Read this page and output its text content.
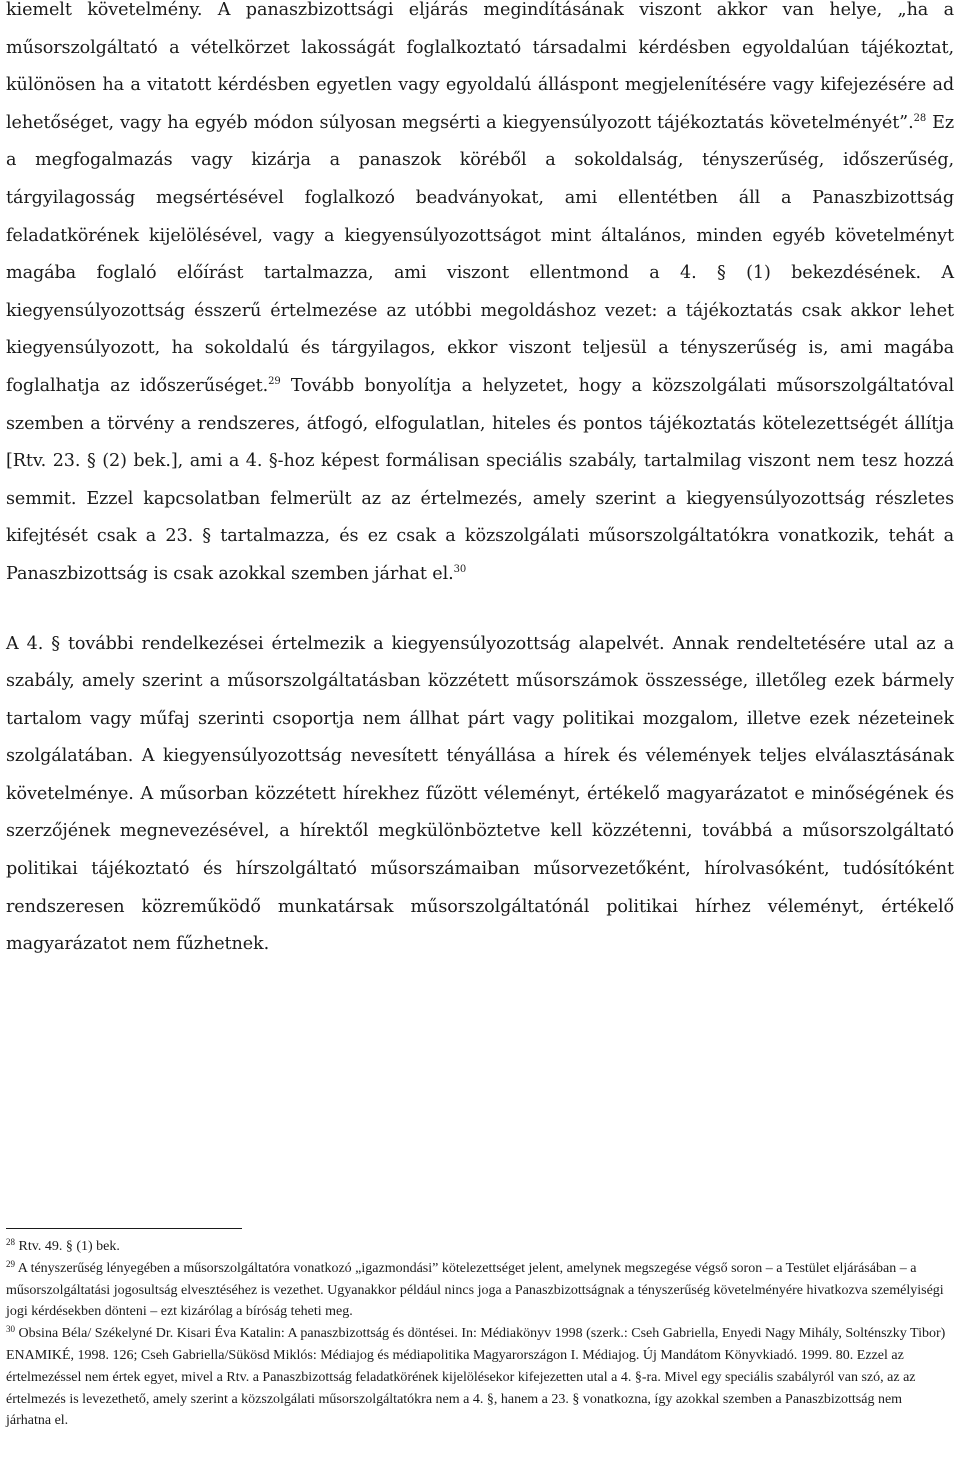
kiemelt követelmény. A panaszbizottsági eljárás megindításának viszont akkor van helye, „ha a műsorszolgáltató a vételkörzet lakosságát foglalkoztató társadalmi kérdésben egyoldalúan tájékoztat, különösen ha a vitatott kérdésben egyetlen vagy egyoldalú álláspont megjelenítésére vagy kifejezésére ad lehetőséget, vagy ha egyéb módon súlyosan megsérti a kiegyensúlyozott tájékoztatás követelményét”.$^{28}$ Ez a megfogalmazás vagy kizárja a panaszok köréből a sokoldalság, tényszerűség, időszerűség, tárgyilagosság megsértésével foglalkozó beadványokat, ami ellentétben áll a Panaszbizottság feladatkörének kijelölésével, vagy a kiegyensúlyozottságot mint általános, minden egyéb követelményt magába foglaló előírást tartalmazza, ami viszont ellentmond a 4. § (1) bekezdésének. A kiegyensúlyozottság ésszerű értelmezése az utóbbi megoldáshoz vezet: a tájékoztatás csak akkor lehet kiegyensúlyozott, ha sokoldalú és tárgyilagos, ekkor viszont teljesül a tényszerűség is, ami magába foglalhatja az időszerűséget.$^{29}$ Tovább bonyolítja a helyzetet, hogy a közszolgálati műsorszolgáltatóval szemben a törvény a rendszeres, átfogó, elfogulatlan, hiteles és pontos tájékoztatás kötelezettségét állítja [Rtv. 23. § (2) bek.], ami a 4. §-hoz képest formálisan speciális szabály, tartalmilag viszont nem tesz hozzá semmit. Ezzel kapcsolatban felmerült az az értelmezés, amely szerint a kiegyensúlyozottság részletes kifejtését csak a 23. § tartalmazza, és ez csak a közszolgálati műsorszolgáltatókra vonatkozik, tehát a Panaszbizottság is csak azokkal szemben járhat el.$^{30}$

A 4. § további rendelkezései értelmezik a kiegyensúlyozottság alapelvét. Annak rendeltetésére utal az a szabály, amely szerint a műsorszolgáltatásban közzétett műsorszámok összessége, illetőleg ezek bármely tartalom vagy műfaj szerinti csoportja nem állhat párt vagy politikai mozgalom, illetve ezek nézeteinek szolgálatában. A kiegyensúlyozottság nevesített tényállása a hírek és vélemények teljes elválasztásának követelménye. A műsorban közzétett hírekhez fűzött véleményt, értékelő magyarázatot e minőségének és szerzőjének megnevezésével, a hírektől megkülönböztetve kell közzétenni, továbbá a műsorszolgáltató politikai tájékoztató és hírszolgáltató műsorszámaiban műsorvezetőként, hírolvasóként, tudósítóként rendszeresen közreműködő munkatársak műsorszolgáltatónál politikai hírhez véleményt, értékelő magyarázatot nem fűzhetnek.

$^{28}$ Rtv. 49. § (1) bek.

$^{29}$ A tényszerűség lényegében a műsorszolgáltatóra vonatkozó „igazmondási” kötelezettséget jelent, amelynek megszegése végső soron – a Testület eljárásában – a műsorszolgáltatási jogosultság elvesztéséhez is vezethet. Ugyanakkor például nincs joga a Panaszbizottságnak a tényszerűség követelményére hivatkozva személyiségi jogi kérdésekben dönteni – ezt kizárólag a bíróság teheti meg.

$^{30}$ Obsina Béla/ Székelyné Dr. Kisari Éva Katalin: A panaszbizottság és döntései. In: Médiakönyv 1998 (szerk.: Cseh Gabriella, Enyedi Nagy Mihály, Solténszky Tibor) ENAMIKÉ, 1998. 126; Cseh Gabriella/Sükösd Miklós: Médiajog és médiapolitika Magyarországon I. Médiajog. Új Mandátom Könyvkiadó. 1999. 80. Ezzel az értelmezéssel nem értek egyet, mivel a Rtv. a Panaszbizottság feladatkörének kijelölésekor kifejezetten utal a 4. §-ra. Mivel egy speciális szabályról van szó, az az értelmezés is levezethető, amely szerint a közszolgálati műsorszolgáltatókra nem a 4. §, hanem a 23. § vonatkozna, így azokkal szemben a Panaszbizottság nem járhatna el.
